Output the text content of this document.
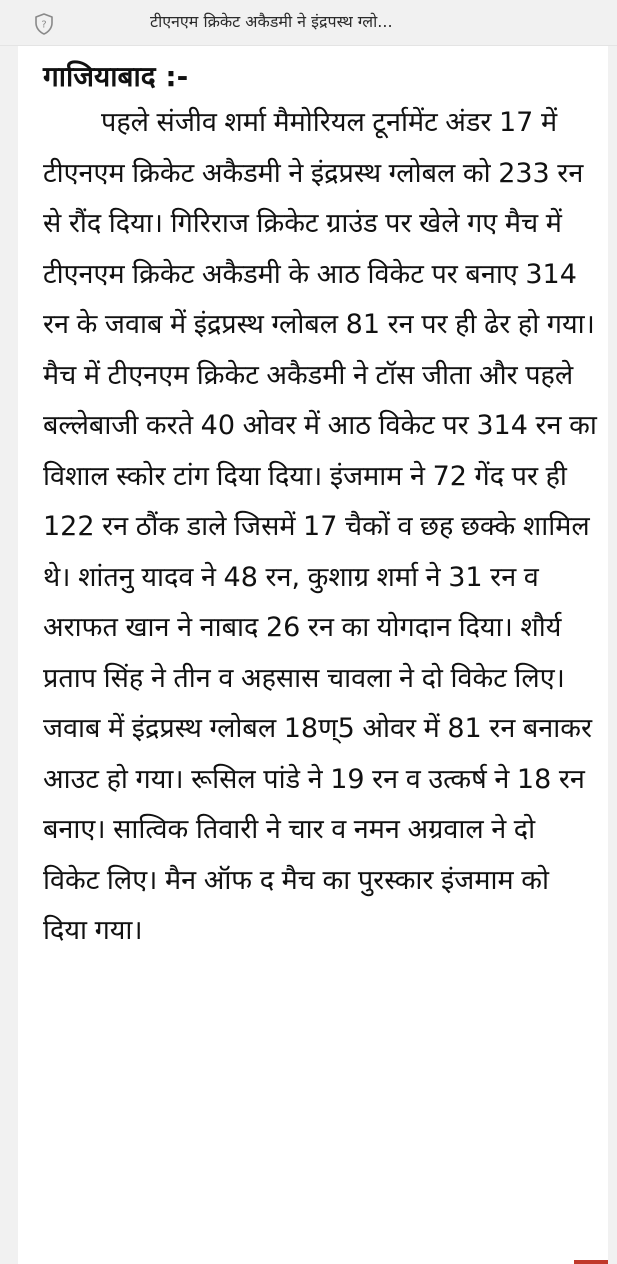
?	टीएनएम क्रिकेट अकैडमी ने इंद्रपस्थ ग्लो...
गाजियाबाद :-

पहले संजीव शर्मा मैमोरियल टूर्नामेंट अंडर 17 में टीएनएम क्रिकेट अकैडमी ने इंद्रप्रस्थ ग्लोबल को 233 रन से रौंद दिया। गिरिराज क्रिकेट ग्राउंड पर खेले गए मैच में टीएनएम क्रिकेट अकैडमी के आठ विकेट पर बनाए 314 रन के जवाब में इंद्रप्रस्थ ग्लोबल 81 रन पर ही ढेर हो गया। मैच में टीएनएम क्रिकेट अकैडमी ने टॉस जीता और पहले बल्लेबाजी करते 40 ओवर में आठ विकेट पर 314 रन का विशाल स्कोर टांग दिया दिया। इंजमाम ने 72 गेंद पर ही 122 रन ठौंक डाले जिसमें 17 चैकों व छह छक्के शामिल थे। शांतनु यादव ने 48 रन, कुशाग्र शर्मा ने 31 रन व अराफत खान ने नाबाद 26 रन का योगदान दिया। शौर्य प्रताप सिंह ने तीन व अहसास चावला ने दो विकेट लिए। जवाब में इंद्रप्रस्थ ग्लोबल 18ण्5 ओवर में 81 रन बनाकर आउट हो गया। रूसिल पांडे ने 19 रन व उत्कर्ष ने 18 रन बनाए। सात्विक तिवारी ने चार व नमन अग्रवाल ने दो विकेट लिए। मैन ऑफ द मैच का पुरस्कार इंजमाम को दिया गया।
